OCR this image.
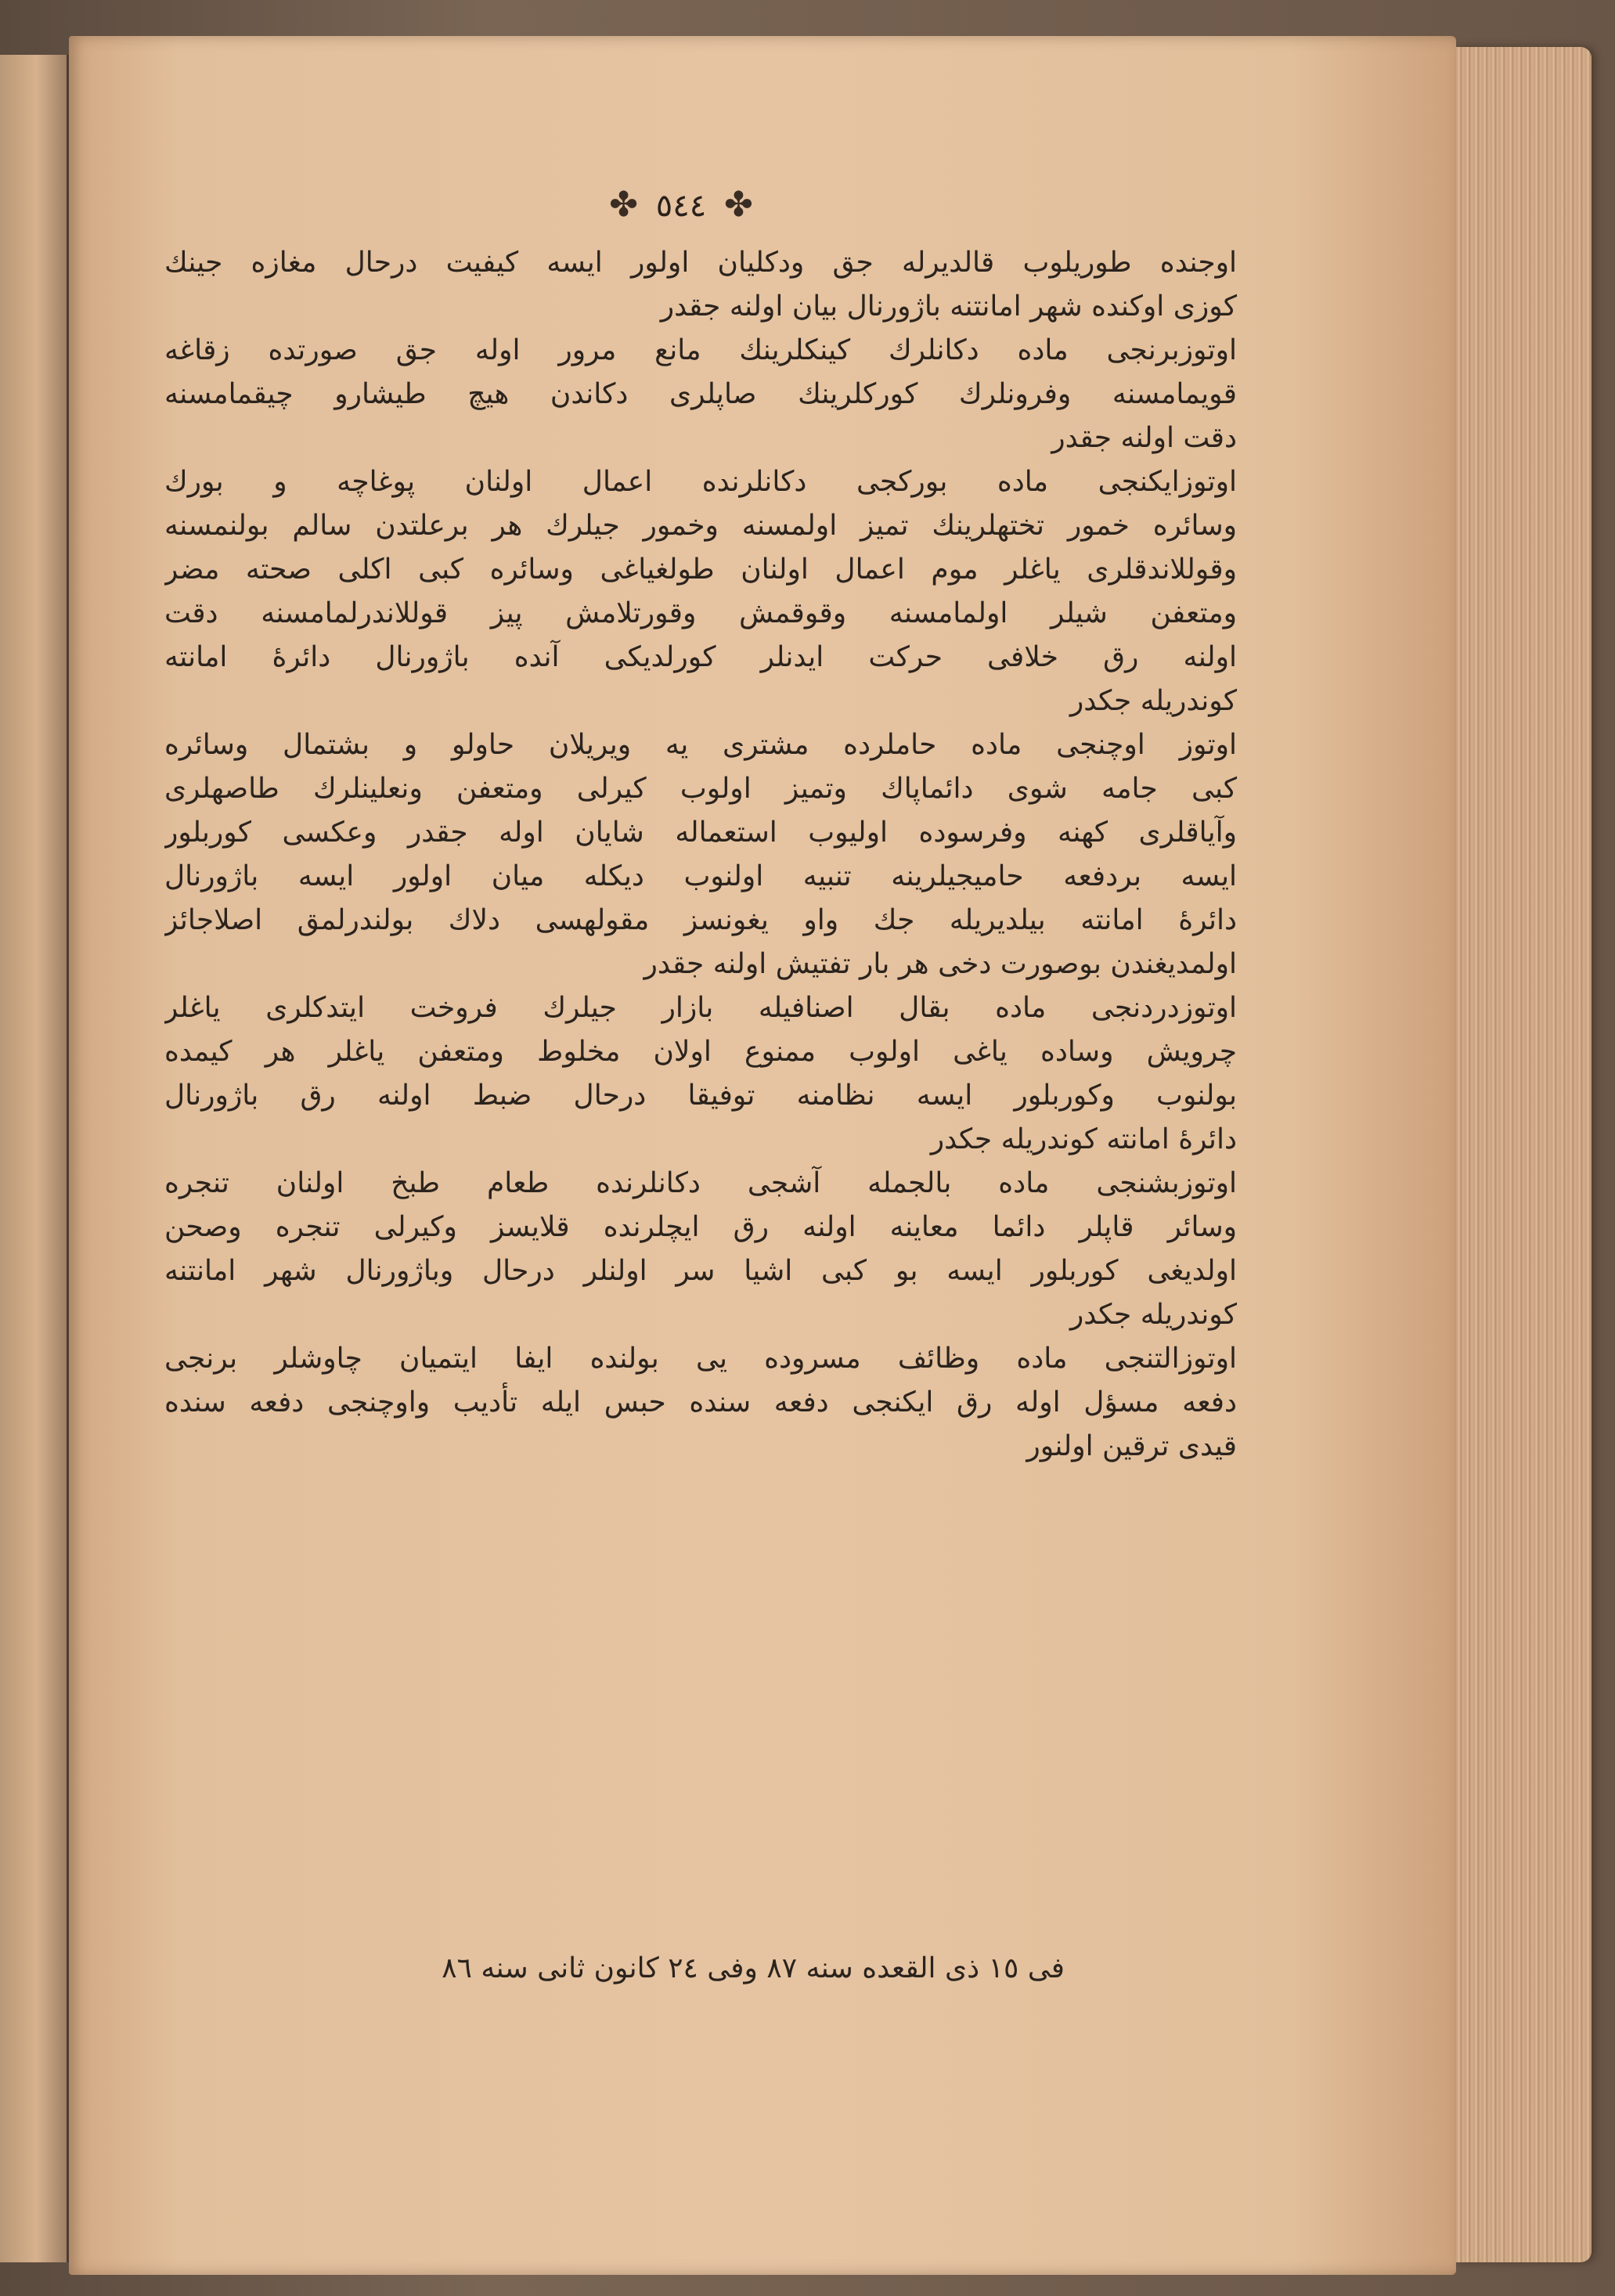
✤ ٥٤٤ ✤
اوجنده طوريلوب قالديرله جق ودكليان اولور ايسه كيفيت درحال مغازه جينك
كوزى اوكنده شهر امانتنه باژورنال بيان اولنه جقدر
اوتوزبرنجى ماده دكانلرك كينكلرينك مانع مرور اوله جق صورتده زقاغه
قويمامسنه وفرونلرك كوركلرينك صاپلرى دكاندن هيچ طيشارو چيقمامسنه
دقت اولنه جقدر
اوتوزايكنجى ماده بوركجى دكانلرنده اعمال اولنان پوغاچه و بورك
وسائره خمور تختهلرينك تميز اولمسنه وخمور جيلرك هر برعلتدن سالم بولنمسنه
وقوللاندقلرى ياغلر موم اعمال اولنان طولغياغى وسائره كبى اكلى صحته مضر
ومتعفن شيلر اولمامسنه وقوقمش وقورتلامش پيز قوللاندرلمامسنه دقت
اولنه رق خلافى حركت ايدنلر كورلديكى آنده باژورنال دائرهٔ امانته
كوندريله جكدر
اوتوز اوچنجى ماده حاملرده مشترى يه ويريلان حاولو و بشتمال وسائره
كبى جامه شوى دائماپاك وتميز اولوب كيرلى ومتعفن ونعلينلرك طاصهلرى
وآياقلرى كهنه وفرسوده اوليوب استعماله شايان اوله جقدر وعكسى كوربلور
ايسه بردفعه حاميجيلرينه تنبيه اولنوب ديكله ميان اولور ايسه باژورنال
دائرهٔ امانته بيلديريله جك واو يغونسز مقولهسى دلاك بولندرلمق اصلاجائز
اولمديغندن بوصورت دخى هر بار تفتيش اولنه جقدر
اوتوزدردنجى ماده بقال اصنافيله بازار جيلرك فروخت ايتدكلرى ياغلر
چرويش وساده ياغى اولوب ممنوع اولان مخلوط ومتعفن ياغلر هر كيمده
بولنوب وكوربلور ايسه نظامنه توفيقا درحال ضبط اولنه رق باژورنال
دائرهٔ امانته كوندريله جكدر
اوتوزبشنجى ماده بالجمله آشجى دكانلرنده طعام طبخ اولنان تنجره
وسائر قاپلر دائما معاينه اولنه رق ايچلرنده قلايسز وكيرلى تنجره وصحن
اولديغى كوربلور ايسه بو كبى اشيا سر اولنلر درحال وباژورنال شهر امانتنه
كوندريله جكدر
اوتوزالتنجى ماده وظائف مسروده يى بولنده ايفا ايتميان چاوشلر برنجى
دفعه مسؤل اوله رق ايكنجى دفعه سنده حبس ايله تأديب واوچنجى دفعه سنده
قيدى ترقين اولنور
فى ١٥ ذى القعده سنه ٨٧ وفى ٢٤ كانون ثانى سنه ٨٦
